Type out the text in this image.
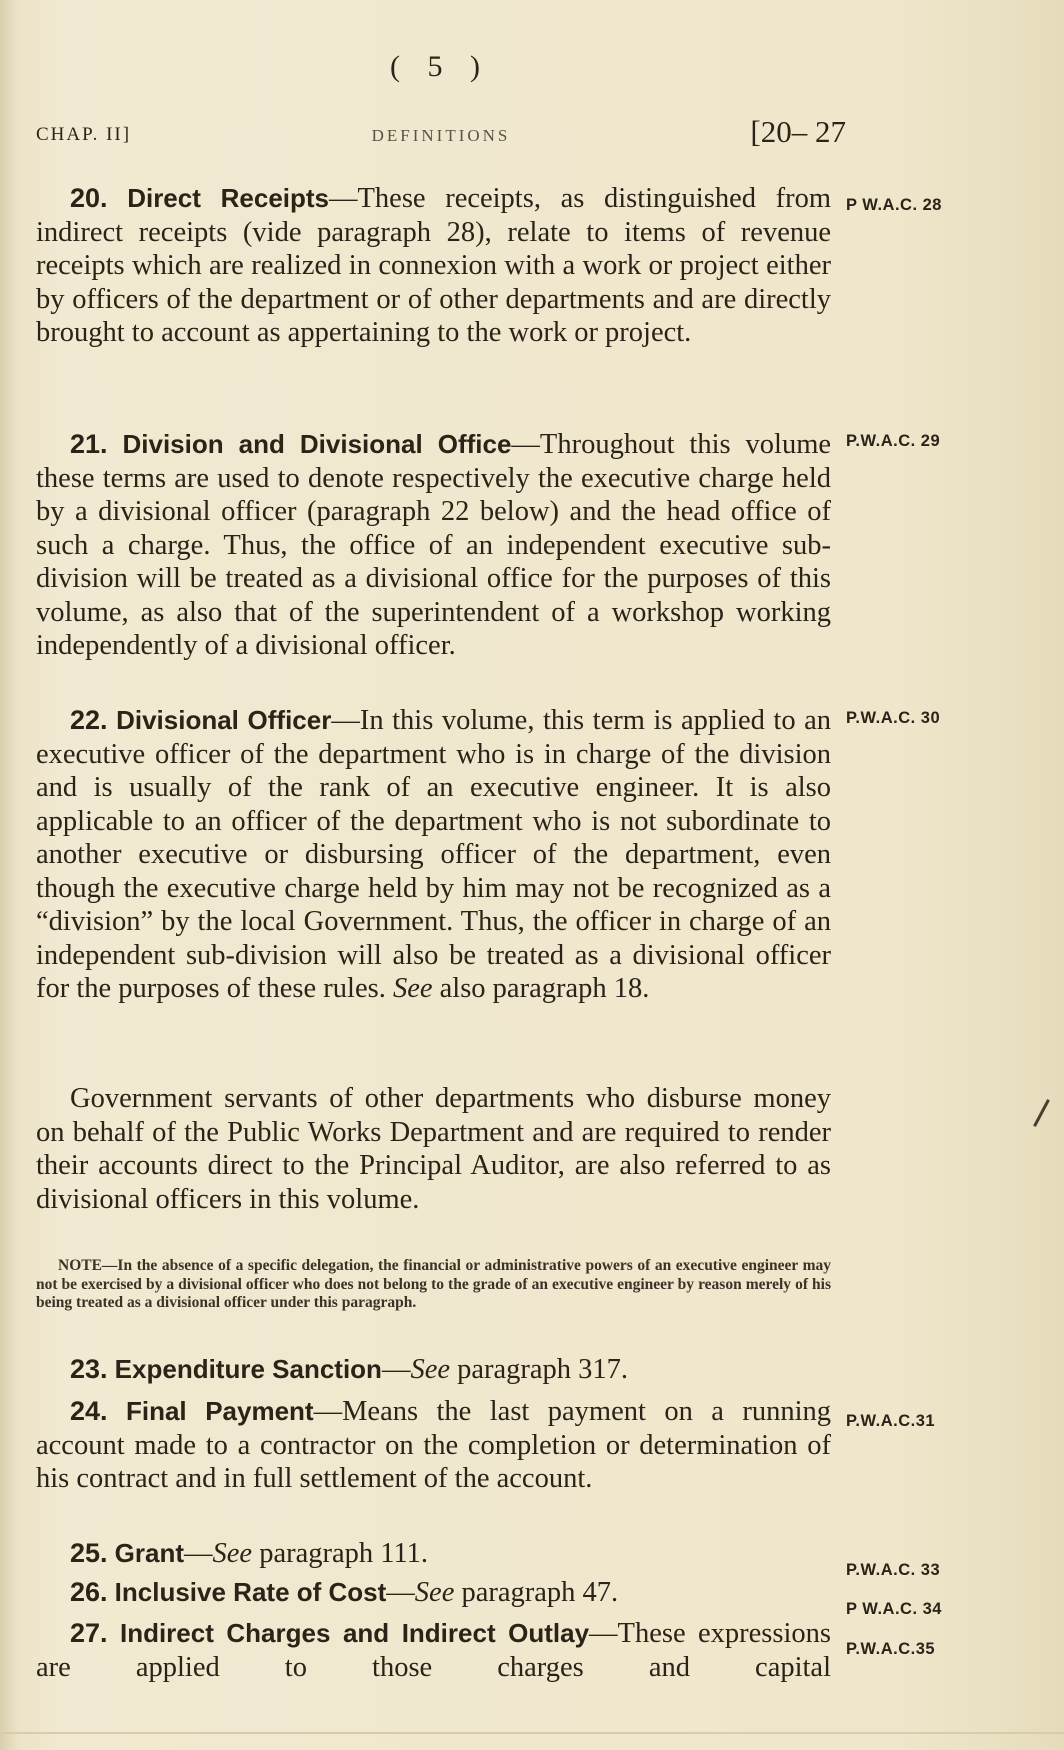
( 5 )
CHAP. II]	DEFINITIONS	[20– 27
20. Direct Receipts—These receipts, as distinguished from indirect receipts (vide paragraph 28), relate to items of revenue receipts which are realized in connexion with a work or project either by officers of the department or of other departments and are directly brought to account as appertaining to the work or project.
P W.A.C. 28
21. Division and Divisional Office—Throughout this volume these terms are used to denote respectively the executive charge held by a divisional officer (paragraph 22 below) and the head office of such a charge. Thus, the office of an independent executive sub-division will be treated as a divisional office for the purposes of this volume, as also that of the superintendent of a workshop working independently of a divisional officer.
P.W.A.C. 29
22. Divisional Officer—In this volume, this term is applied to an executive officer of the department who is in charge of the division and is usually of the rank of an executive engineer. It is also applicable to an officer of the department who is not subordinate to another executive or disbursing officer of the department, even though the executive charge held by him may not be recognized as a “division” by the local Government. Thus, the officer in charge of an independent sub-division will also be treated as a divisional officer for the purposes of these rules. See also paragraph 18.
P.W.A.C. 30
Government servants of other departments who disburse money on behalf of the Public Works Department and are required to render their accounts direct to the Principal Auditor, are also referred to as divisional officers in this volume.
NOTE—In the absence of a specific delegation, the financial or administrative powers of an executive engineer may not be exercised by a divisional officer who does not belong to the grade of an executive engineer by reason merely of his being treated as a divisional officer under this paragraph.
23. Expenditure Sanction—See paragraph 317.
24. Final Payment—Means the last payment on a running account made to a contractor on the completion or determination of his contract and in full settlement of the account.
P.W.A.C.31
25. Grant—See paragraph 111.
P.W.A.C. 33
26. Inclusive Rate of Cost—See paragraph 47.
P W.A.C. 34
27. Indirect Charges and Indirect Outlay—These expressions are applied to those charges and capital
P.W.A.C.35
